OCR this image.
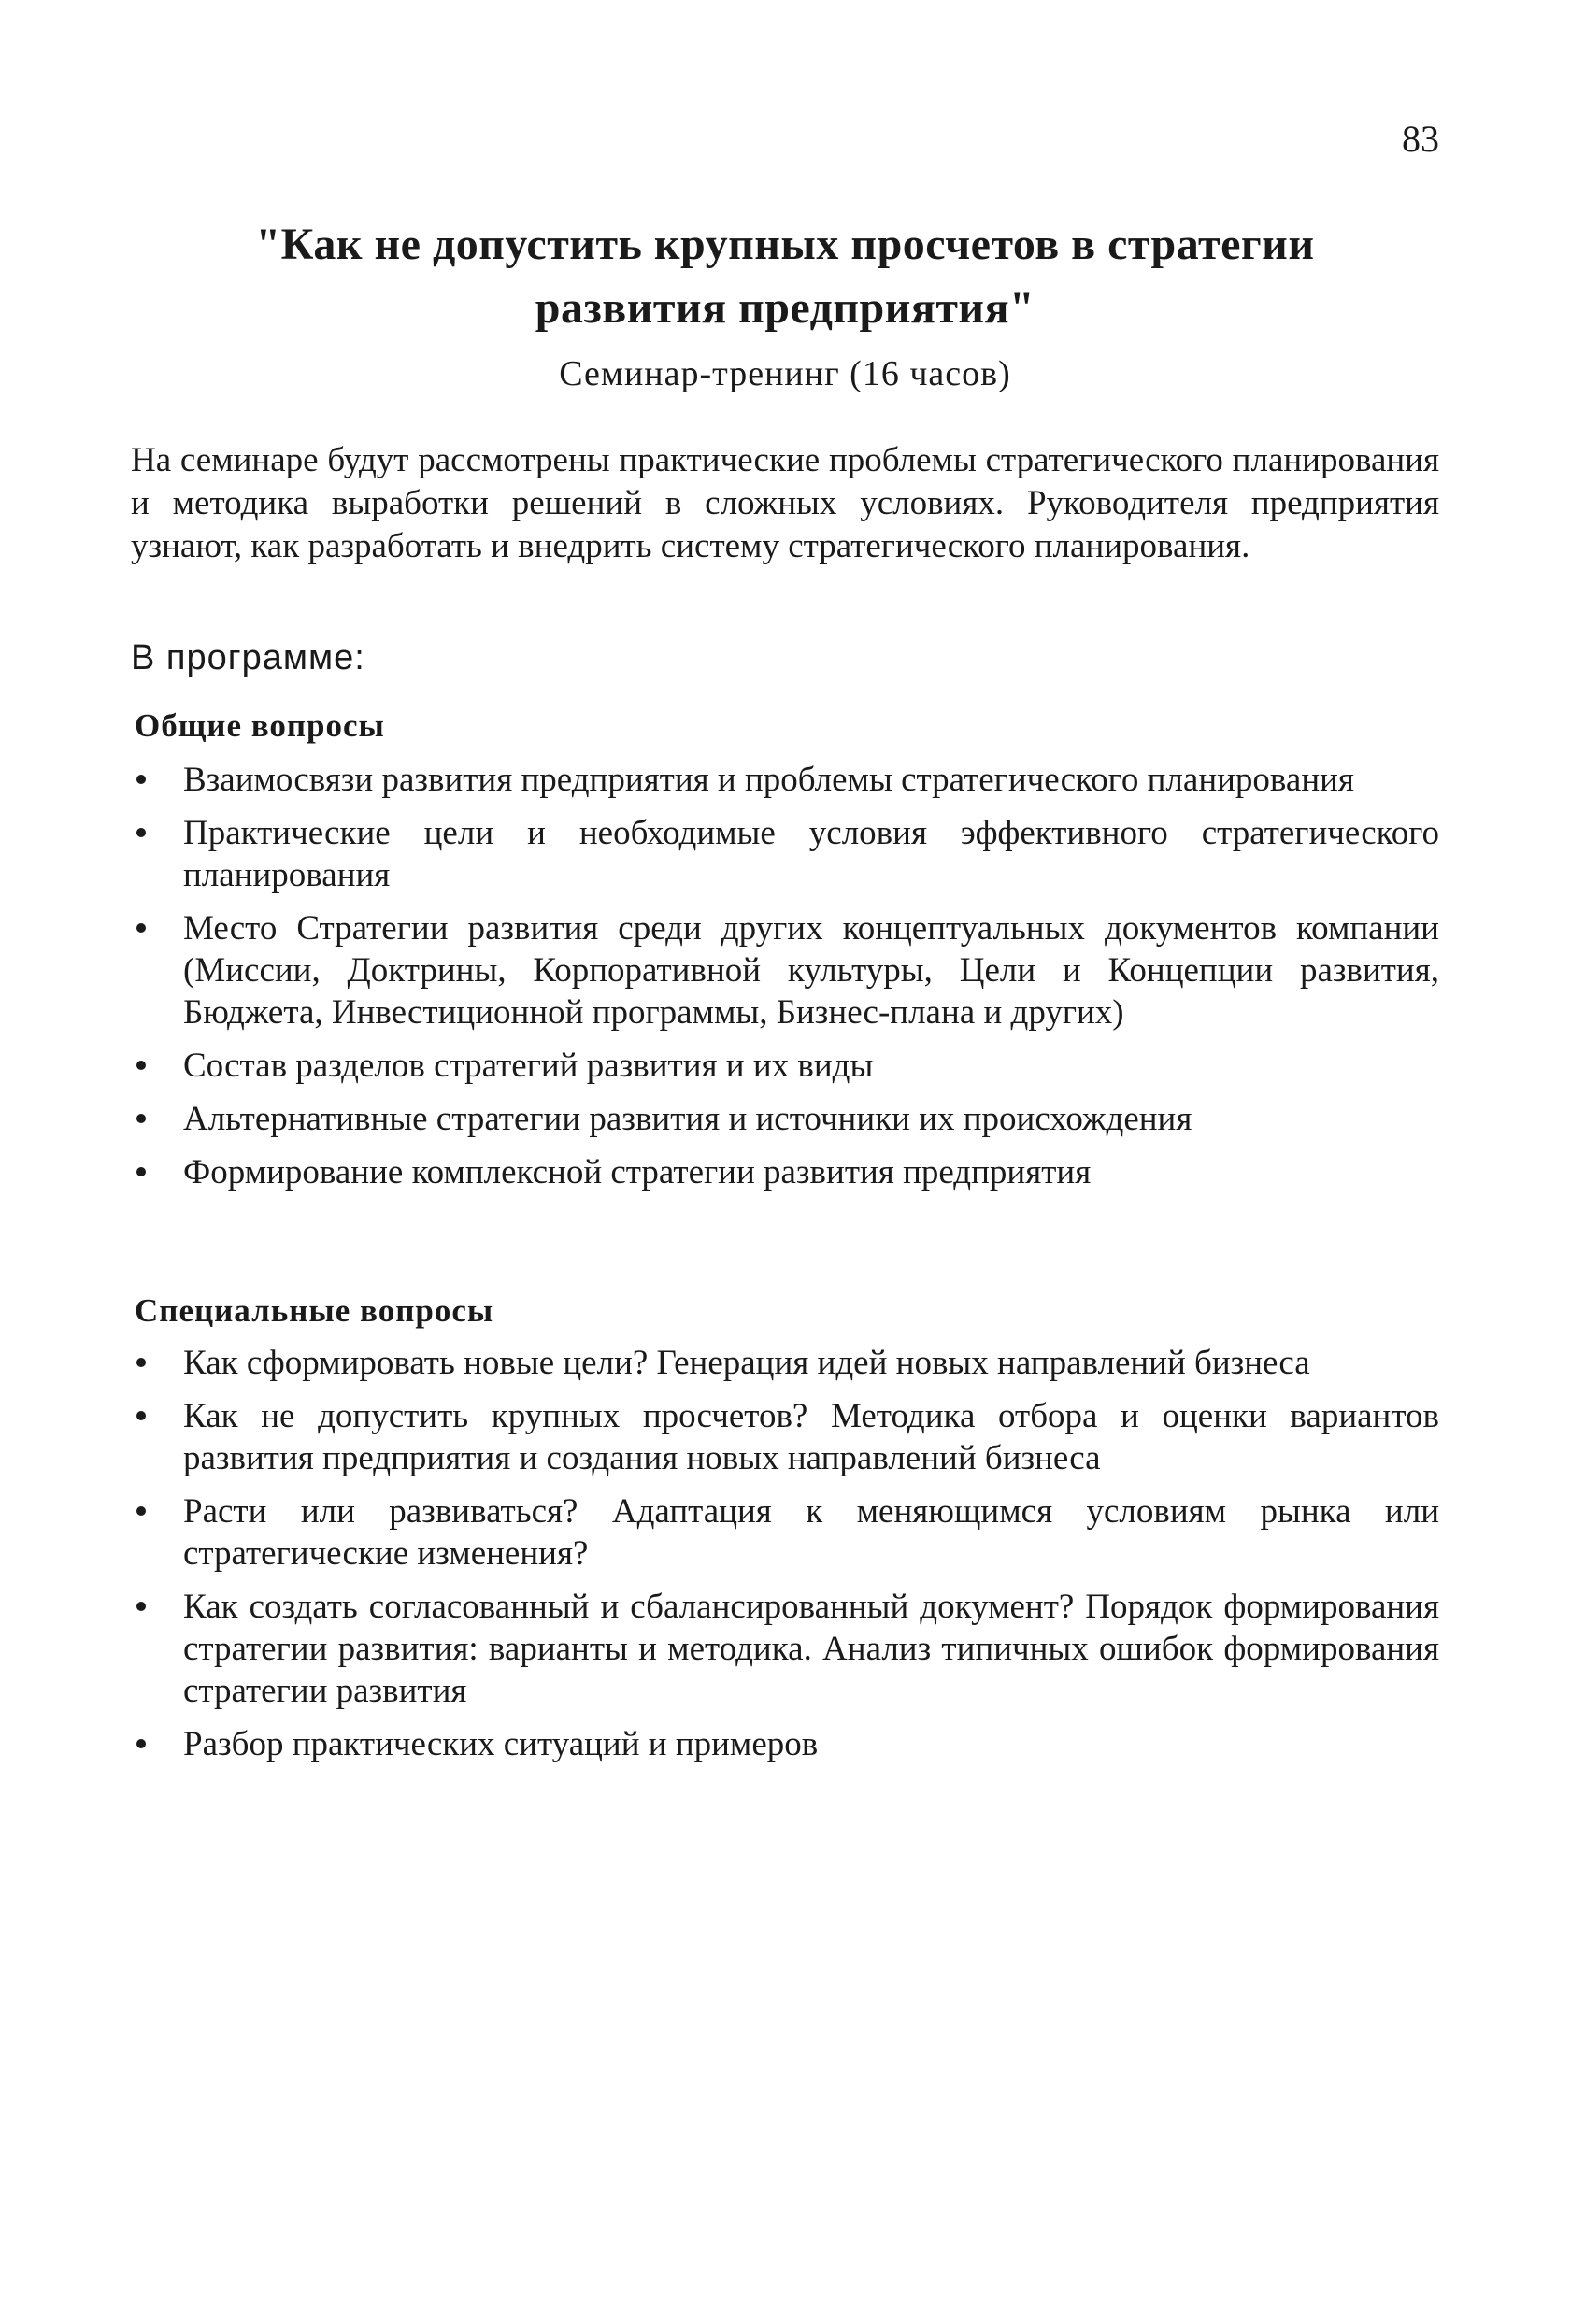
83
"Как не допустить крупных просчетов в стратегии
развития предприятия"
Семинар-тренинг (16 часов)
На семинаре будут рассмотрены практические проблемы стратегического планирования и методика выработки решений в сложных условиях. Руководителя предприятия узнают, как разработать и внедрить систему стратегического планирования.
В программе:
Общие вопросы
Взаимосвязи развития предприятия и проблемы стратегического планирования
Практические цели и необходимые условия эффективного стратегического планирования
Место Стратегии развития среди других концептуальных документов компании (Миссии, Доктрины, Корпоративной культуры, Цели и Концепции развития, Бюджета, Инвестиционной программы, Бизнес-плана и других)
Состав разделов стратегий развития и их виды
Альтернативные стратегии развития и источники их происхождения
Формирование комплексной стратегии развития предприятия
Специальные вопросы
Как сформировать новые цели? Генерация идей новых направлений бизнеса
Как не допустить крупных просчетов? Методика отбора и оценки вариантов развития предприятия и создания новых направлений бизнеса
Расти или развиваться? Адаптация к меняющимся условиям рынка или стратегические изменения?
Как создать согласованный и сбалансированный документ? Порядок формирования стратегии развития: варианты и методика. Анализ типичных ошибок формирования стратегии развития
Разбор практических ситуаций и примеров
